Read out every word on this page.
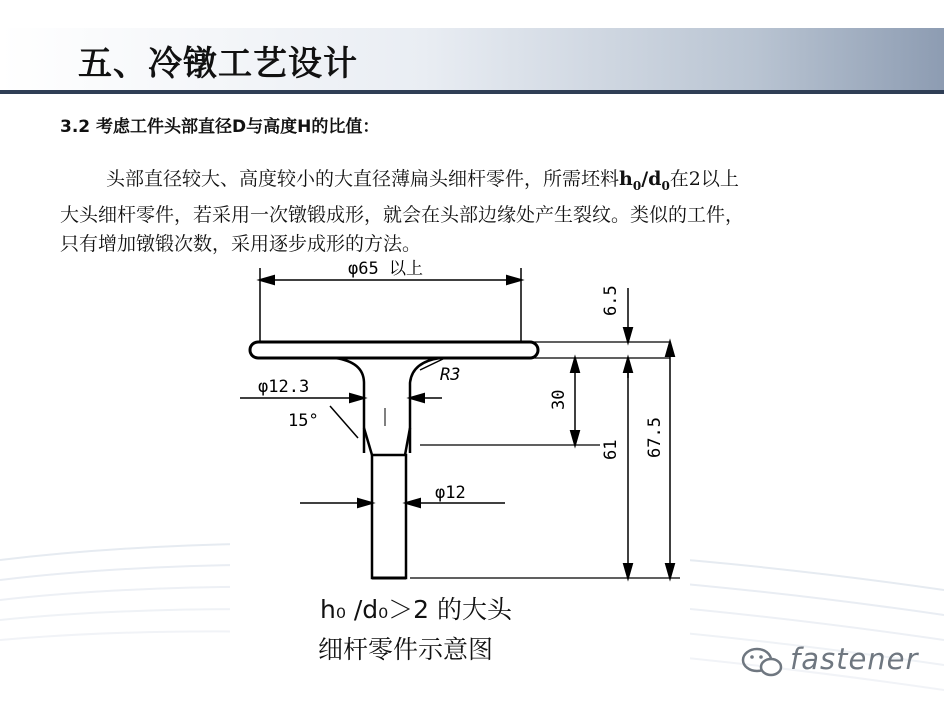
五、冷镦工艺设计
3.2 考虑工件头部直径D与高度H的比值：
头部直径较大、高度较小的大直径薄扁头细杆零件，所需坯料$h_0/d_0$在2以上
大头细杆零件，若采用一次镦锻成形，就会在头部边缘处产生裂纹。类似的工件，
只有增加镦锻次数，采用逐步成形的方法。
φ65 以上
φ12.3
15°
R3
φ12
6.5
30
61 67.5
h₀ /d₀＞2 的大头
细杆零件示意图	fastener
